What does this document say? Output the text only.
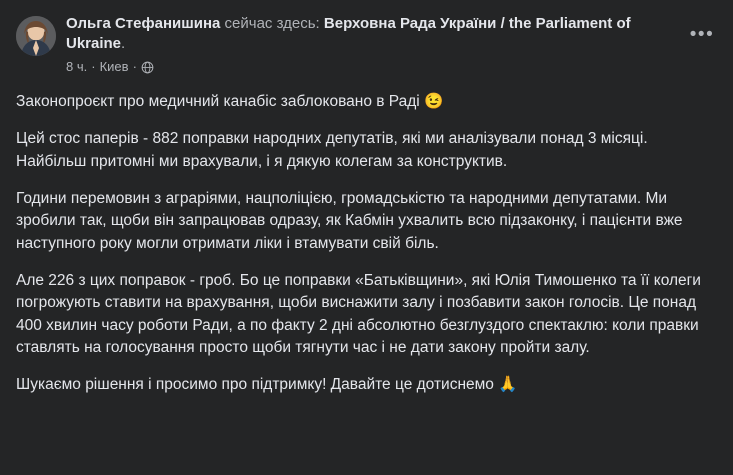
Ольга Стефанишина сейчас здесь: Верховна Рада України / the Parliament of Ukraine.
8 ч. · Киев ·
•••

Законопроєкт про медичний канабіс заблоковано в Раді 😉

Цей стос паперів - 882 поправки народних депутатів, які ми аналізували понад 3 місяці. Найбільш притомні ми врахували, і я дякую колегам за конструктив.

Години перемовин з аграріями, нацполіцією, громадськістю та народними депутатами. Ми зробили так, щоби він запрацював одразу, як Кабмін ухвалить всю підзаконку, і пацієнти вже наступного року могли отримати ліки і втамувати свій біль.

Але 226 з цих поправок - гроб. Бо це поправки «Батьківщини», які Юлія Тимошенко та її колеги погрожують ставити на врахування, щоби виснажити залу і позбавити закон голосів. Це понад 400 хвилин часу роботи Ради, а по факту 2 дні абсолютно безглуздого спектаклю: коли правки ставлять на голосування просто щоби тягнути час і не дати закону пройти залу.

Шукаємо рішення і просимо про підтримку! Давайте це дотиснемо 🙏
